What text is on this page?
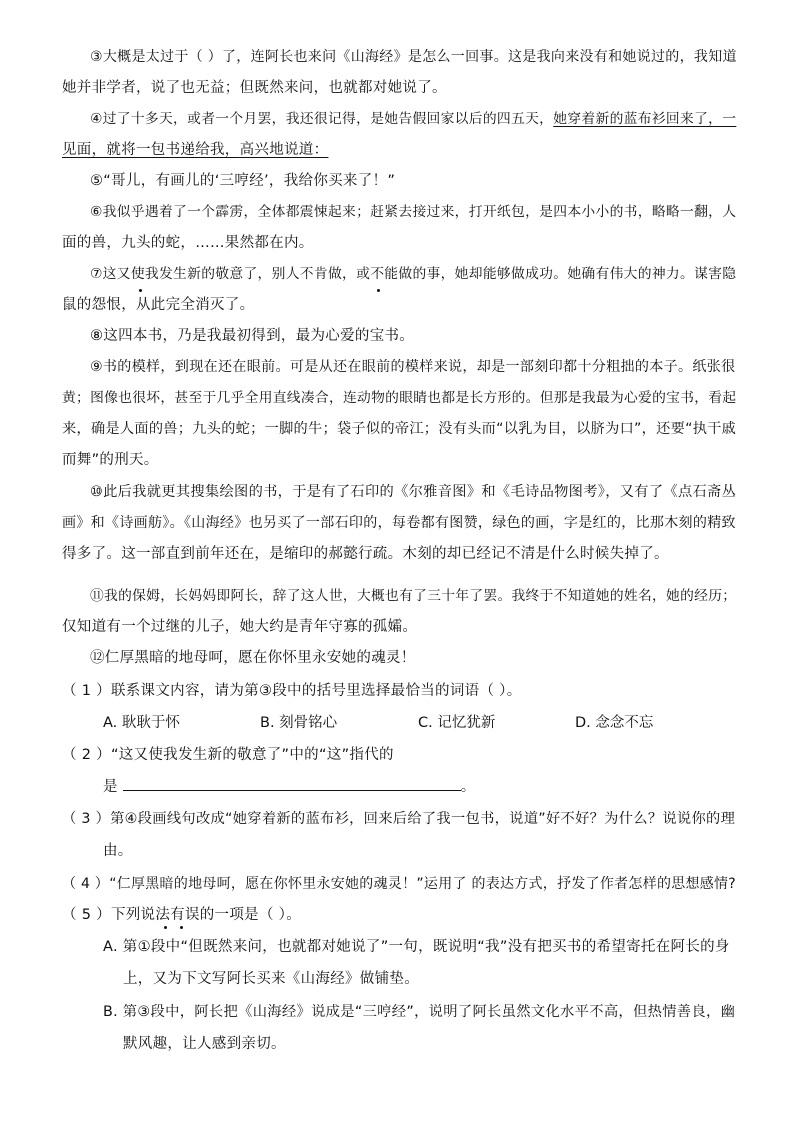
③大概是太过于（ ）了，连阿长也来问《山海经》是怎么一回事。这是我向来没有和她说过的，我知道
她并非学者，说了也无益；但既然来问，也就都对她说了。
④过了十多天，或者一个月罢，我还很记得，是她告假回家以后的四五天，她穿着新的蓝布衫回来了，一
见面，就将一包书递给我，高兴地说道：
⑤“哥儿，有画儿的‘三哼经’，我给你买来了！”
⑥我似乎遇着了一个霹雳，全体都震悚起来；赶紧去接过来，打开纸包，是四本小小的书，略略一翻，人
面的兽，九头的蛇，……果然都在内。
⑦这又使我发生新的敬意了，别人不肯做，或不能做的事，她却能够做成功。她确有伟大的神力。谋害隐
鼠的怨恨，从此完全消灭了。
⑧这四本书，乃是我最初得到，最为心爱的宝书。
⑨书的模样，到现在还在眼前。可是从还在眼前的模样来说，却是一部刻印都十分粗拙的本子。纸张很
黄；图像也很坏，甚至于几乎全用直线凑合，连动物的眼睛也都是长方形的。但那是我最为心爱的宝书，看起
来，确是人面的兽；九头的蛇；一脚的牛；袋子似的帝江；没有头而“以乳为目，以脐为口”，还要“执干戚
而舞”的刑天。
⑩此后我就更其搜集绘图的书，于是有了石印的《尔雅音图》和《毛诗品物图考》，又有了《点石斋丛
画》和《诗画舫》。《山海经》也另买了一部石印的，每卷都有图赞，绿色的画，字是红的，比那木刻的精致
得多了。这一部直到前年还在，是缩印的郝懿行疏。木刻的却已经记不清是什么时候失掉了。
⑪我的保姆，长妈妈即阿长，辞了这人世，大概也有了三十年了罢。我终于不知道她的姓名，她的经历；
仅知道有一个过继的儿子，她大约是青年守寡的孤孀。
⑫仁厚黑暗的地母呵，愿在你怀里永安她的魂灵！
（ 1 ）联系课文内容，请为第③段中的括号里选择最恰当的词语（ ）。
A. 耿耿于怀	B. 刻骨铭心	C. 记忆犹新	D. 念念不忘
（ 2 ）“这又使我发生新的敬意了”中的“这”指代的
是	。
（ 3 ）第④段画线句改成“她穿着新的蓝布衫，回来后给了我一包书，说道”好不好？为什么？说说你的理
由。
（ 4 ）“仁厚黑暗的地母呵，愿在你怀里永安她的魂灵！”运用了 的表达方式，抒发了作者怎样的思想感情?
（ 5 ）下列说法有误的一项是（ ）。
A. 第①段中“但既然来问，也就都对她说了”一句，既说明“我”没有把买书的希望寄托在阿长的身
上，又为下文写阿长买来《山海经》做铺垫。
B. 第③段中，阿长把《山海经》说成是“三哼经”，说明了阿长虽然文化水平不高，但热情善良，幽
默风趣，让人感到亲切。
